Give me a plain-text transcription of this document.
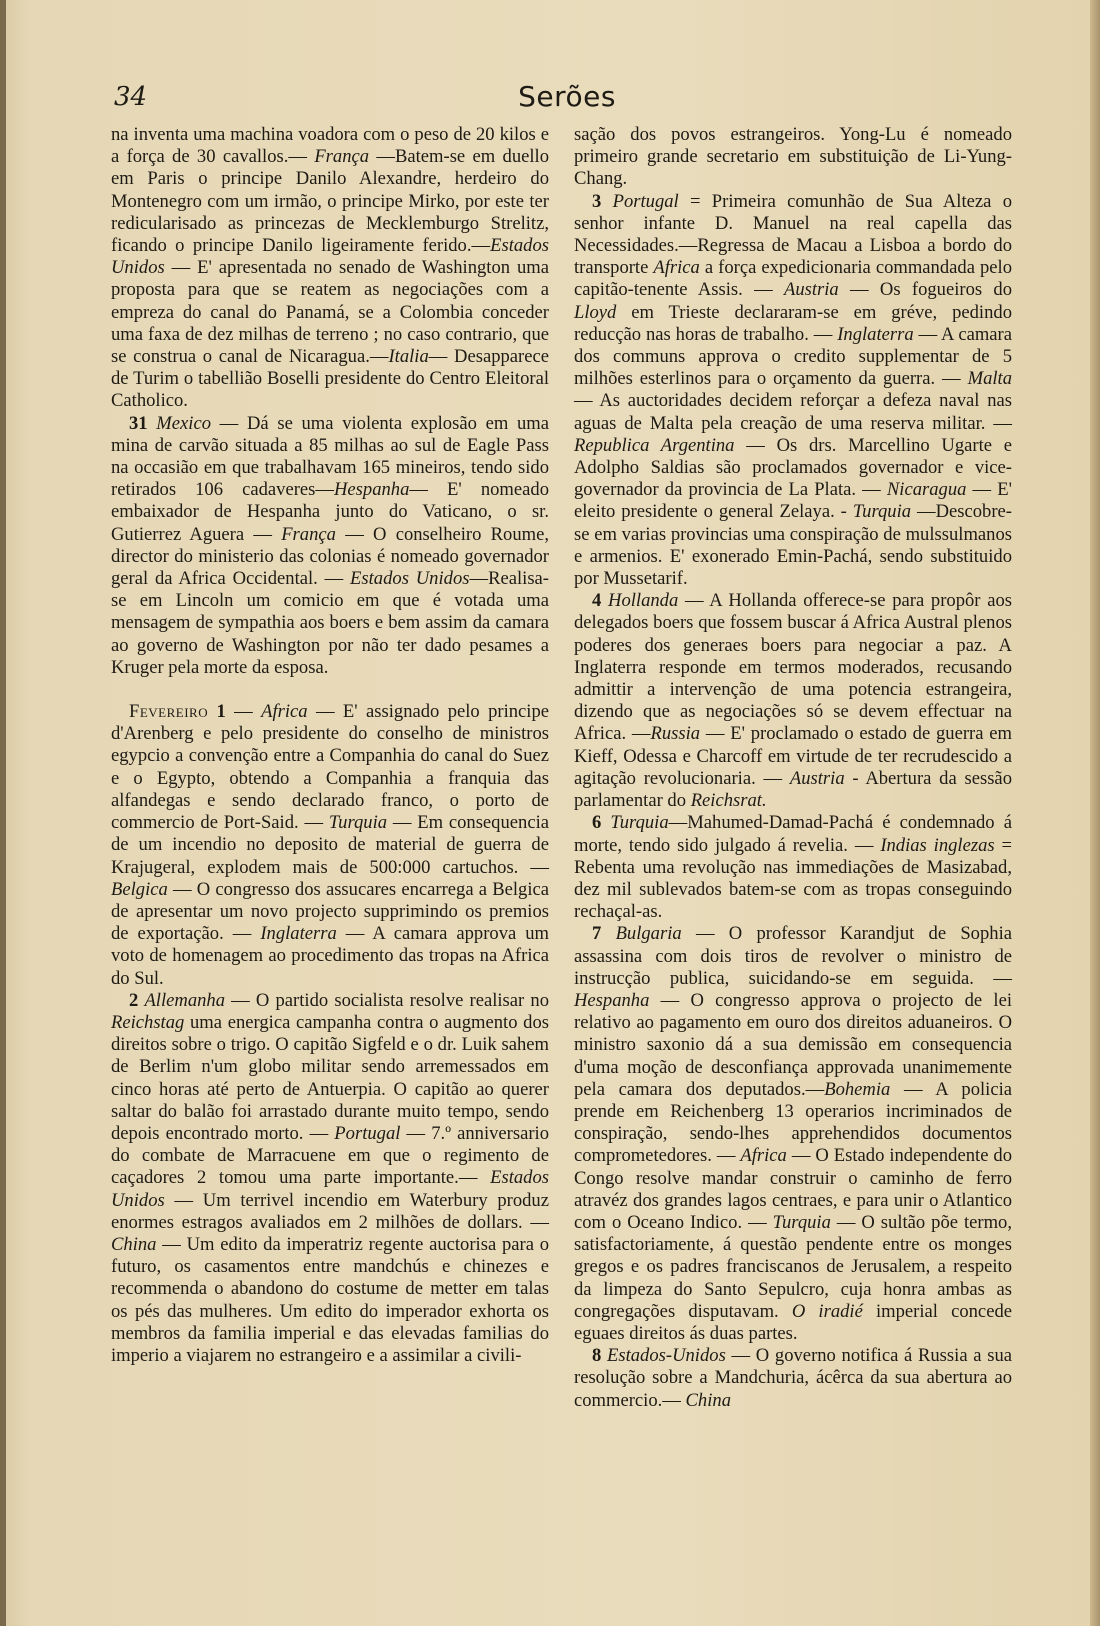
34	Serões

na inventa uma machina voadora com o peso de 20 kilos e a força de 30 cavallos.— França —Batem-se em duello em Paris o principe Danilo Alexandre, herdeiro do Montenegro com um irmão, o principe Mirko, por este ter redicularisado as princezas de Mecklemburgo Strelitz, ficando o principe Danilo ligeiramente ferido.—Estados Unidos — E' apresentada no senado de Washington uma proposta para que se reatem as negociações com a empreza do canal do Panamá, se a Colombia conceder uma faxa de dez milhas de terreno ; no caso contrario, que se construa o canal de Nicaragua.—Italia— Desapparece de Turim o tabellião Boselli presidente do Centro Eleitoral Catholico.

31 Mexico — Dá se uma violenta explosão em uma mina de carvão situada a 85 milhas ao sul de Eagle Pass na occasião em que trabalhavam 165 mineiros, tendo sido retirados 106 cadaveres—Hespanha— E' nomeado embaixador de Hespanha junto do Vaticano, o sr. Gutierrez Aguera — França — O conselheiro Roume, director do ministerio das colonias é nomeado governador geral da Africa Occidental. — Estados Unidos—Realisa-se em Lincoln um comicio em que é votada uma mensagem de sympathia aos boers e bem assim da camara ao governo de Washington por não ter dado pesames a Kruger pela morte da esposa.

Fevereiro 1 — Africa — E' assignado pelo principe d'Arenberg e pelo presidente do conselho de ministros egypcio a convenção entre a Companhia do canal do Suez e o Egypto, obtendo a Companhia a franquia das alfandegas e sendo declarado franco, o porto de commercio de Port-Said. — Turquia — Em consequencia de um incendio no deposito de material de guerra de Krajugeral, explodem mais de 500:000 cartuchos. —Belgica — O congresso dos assucares encarrega a Belgica de apresentar um novo projecto supprimindo os premios de exportação. — Inglaterra — A camara approva um voto de homenagem ao procedimento das tropas na Africa do Sul.

2 Allemanha — O partido socialista resolve realisar no Reichstag uma energica campanha contra o augmento dos direitos sobre o trigo. O capitão Sigfeld e o dr. Luik sahem de Berlim n'um globo militar sendo arremessados em cinco horas até perto de Antuerpia. O capitão ao querer saltar do balão foi arrastado durante muito tempo, sendo depois encontrado morto. — Portugal — 7.º anniversario do combate de Marracuene em que o regimento de caçadores 2 tomou uma parte importante.— Estados Unidos — Um terrivel incendio em Waterbury produz enormes estragos avaliados em 2 milhões de dollars. — China — Um edito da imperatriz regente auctorisa para o futuro, os casamentos entre mandchús e chinezes e recommenda o abandono do costume de metter em talas os pés das mulheres. Um edito do imperador exhorta os membros da familia imperial e das elevadas familias do imperio a viajarem no estrangeiro e a assimilar a civili-

sação dos povos estrangeiros. Yong-Lu é nomeado primeiro grande secretario em substituição de Li-Yung-Chang.

3 Portugal = Primeira comunhão de Sua Alteza o senhor infante D. Manuel na real capella das Necessidades.—Regressa de Macau a Lisboa a bordo do transporte Africa a força expedicionaria commandada pelo capitão-tenente Assis. — Austria — Os fogueiros do Lloyd em Trieste declararam-se em gréve, pedindo reducção nas horas de trabalho. — Inglaterra — A camara dos communs approva o credito supplementar de 5 milhões esterlinos para o orçamento da guerra. — Malta — As auctoridades decidem reforçar a defeza naval nas aguas de Malta pela creação de uma reserva militar. — Republica Argentina — Os drs. Marcellino Ugarte e Adolpho Saldias são proclamados governador e vice-governador da provincia de La Plata. — Nicaragua — E' eleito presidente o general Zelaya. - Turquia —Descobre-se em varias provincias uma conspiração de mulssulmanos e armenios. E' exonerado Emin-Pachá, sendo substituido por Mussetarif.

4 Hollanda — A Hollanda offerece-se para propôr aos delegados boers que fossem buscar á Africa Austral plenos poderes dos generaes boers para negociar a paz. A Inglaterra responde em termos moderados, recusando admittir a intervenção de uma potencia estrangeira, dizendo que as negociações só se devem effectuar na Africa. —Russia — E' proclamado o estado de guerra em Kieff, Odessa e Charcoff em virtude de ter recrudescido a agitação revolucionaria. — Austria - Abertura da sessão parlamentar do Reichsrat.

6 Turquia—Mahumed-Damad-Pachá é condemnado á morte, tendo sido julgado á revelia. — Indias inglezas = Rebenta uma revolução nas immediações de Masizabad, dez mil sublevados batem-se com as tropas conseguindo rechaçal-as.

7 Bulgaria — O professor Karandjut de Sophia assassina com dois tiros de revolver o ministro de instrucção publica, suicidando-se em seguida. — Hespanha — O congresso approva o projecto de lei relativo ao pagamento em ouro dos direitos aduaneiros. O ministro saxonio dá a sua demissão em consequencia d'uma moção de desconfiança approvada unanimemente pela camara dos deputados.—Bohemia — A policia prende em Reichenberg 13 operarios incriminados de conspiração, sendo-lhes apprehendidos documentos comprometedores. — Africa — O Estado independente do Congo resolve mandar construir o caminho de ferro atravéz dos grandes lagos centraes, e para unir o Atlantico com o Oceano Indico. — Turquia — O sultão põe termo, satisfactoriamente, á questão pendente entre os monges gregos e os padres franciscanos de Jerusalem, a respeito da limpeza do Santo Sepulcro, cuja honra ambas as congregações disputavam. O iradié imperial concede eguaes direitos ás duas partes.

8 Estados-Unidos — O governo notifica á Russia a sua resolução sobre a Mandchuria, ácêrca da sua abertura ao commercio.— China
